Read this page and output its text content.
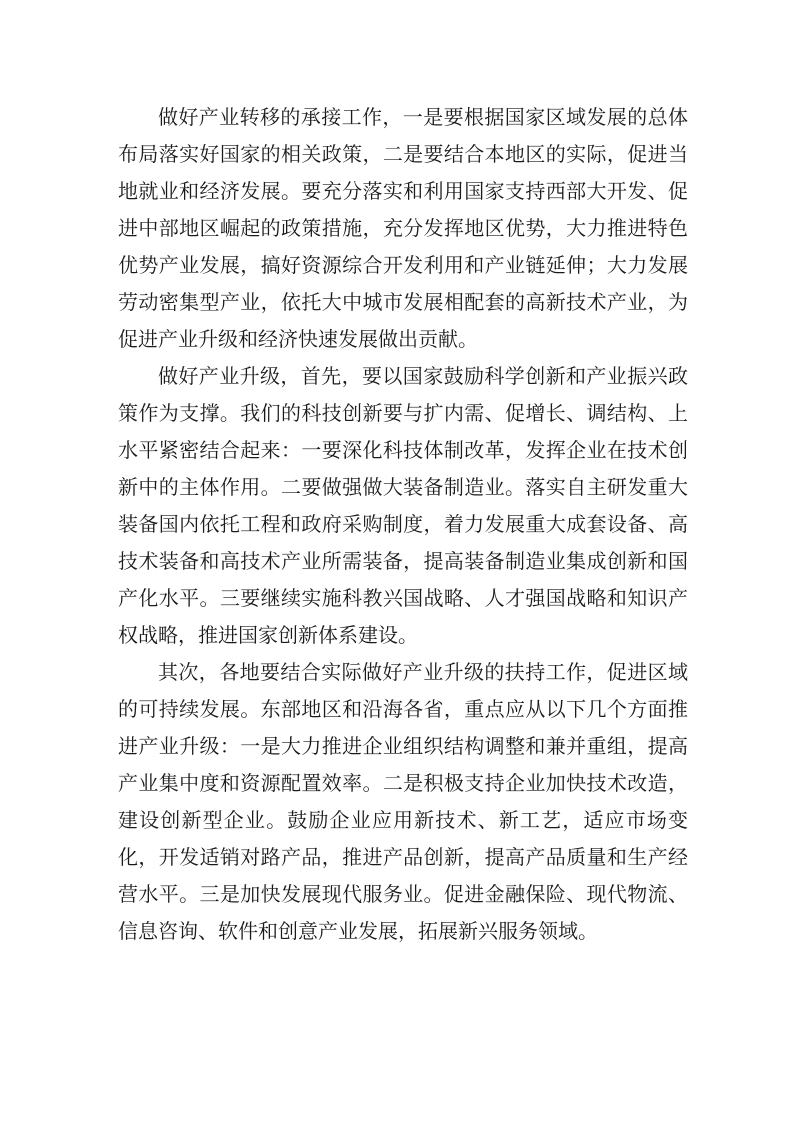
做好产业转移的承接工作，一是要根据国家区域发展的总体布局落实好国家的相关政策，二是要结合本地区的实际，促进当地就业和经济发展。要充分落实和利用国家支持西部大开发、促进中部地区崛起的政策措施，充分发挥地区优势，大力推进特色优势产业发展，搞好资源综合开发利用和产业链延伸；大力发展劳动密集型产业，依托大中城市发展相配套的高新技术产业，为促进产业升级和经济快速发展做出贡献。

做好产业升级，首先，要以国家鼓励科学创新和产业振兴政策作为支撑。我们的科技创新要与扩内需、促增长、调结构、上水平紧密结合起来：一要深化科技体制改革，发挥企业在技术创新中的主体作用。二要做强做大装备制造业。落实自主研发重大装备国内依托工程和政府采购制度，着力发展重大成套设备、高技术装备和高技术产业所需装备，提高装备制造业集成创新和国产化水平。三要继续实施科教兴国战略、人才强国战略和知识产权战略，推进国家创新体系建设。

其次，各地要结合实际做好产业升级的扶持工作，促进区域的可持续发展。东部地区和沿海各省，重点应从以下几个方面推进产业升级：一是大力推进企业组织结构调整和兼并重组，提高产业集中度和资源配置效率。二是积极支持企业加快技术改造，建设创新型企业。鼓励企业应用新技术、新工艺，适应市场变化，开发适销对路产品，推进产品创新，提高产品质量和生产经营水平。三是加快发展现代服务业。促进金融保险、现代物流、信息咨询、软件和创意产业发展，拓展新兴服务领域。
